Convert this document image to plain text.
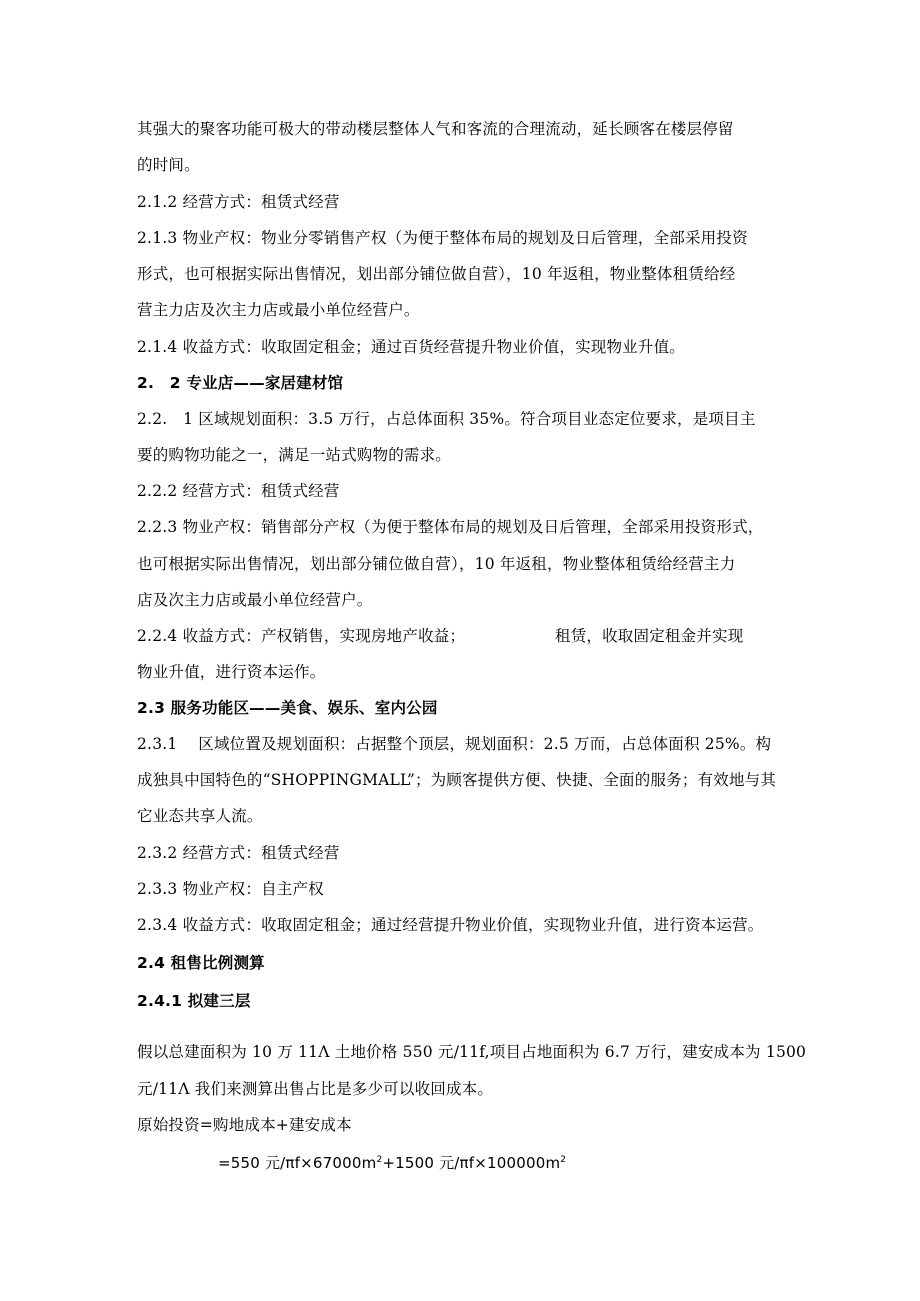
其强大的聚客功能可极大的带动楼层整体人气和客流的合理流动，延长顾客在楼层停留
的时间。
2.1.2 经营方式：租赁式经营
2.1.3 物业产权：物业分零销售产权（为便于整体布局的规划及日后管理，全部采用投资
形式，也可根据实际出售情况，划出部分铺位做自营），10 年返租，物业整体租赁给经
营主力店及次主力店或最小单位经营户。
2.1.4 收益方式：收取固定租金；通过百货经营提升物业价值，实现物业升值。
2.　2 专业店——家居建材馆
2.2.　1 区域规划面积：3.5 万行，占总体面积 35%。符合项目业态定位要求，是项目主
要的购物功能之一，满足一站式购物的需求。
2.2.2 经营方式：租赁式经营
2.2.3 物业产权：销售部分产权（为便于整体布局的规划及日后管理，全部采用投资形式，
也可根据实际出售情况，划出部分铺位做自营），10 年返租，物业整体租赁给经营主力
店及次主力店或最小单位经营户。
2.2.4 收益方式：产权销售，实现房地产收益；	租赁，收取固定租金并实现
物业升值，进行资本运作。
2.3 服务功能区——美食、娱乐、室内公园
2.3.1　 区域位置及规划面积：占据整个顶层，规划面积：2.5 万而，占总体面积 25%。构
成独具中国特色的“SHOPPINGMALL”；为顾客提供方便、快捷、全面的服务；有效地与其
它业态共享人流。
2.3.2 经营方式：租赁式经营
2.3.3 物业产权：自主产权
2.3.4 收益方式：收取固定租金；通过经营提升物业价值，实现物业升值，进行资本运营。
2.4 租售比例测算
2.4.1 拟建三层
假以总建面积为 10 万 11Λ 土地价格 550 元/11f,项目占地面积为 6.7 万行，建安成本为 1500
元/11Λ 我们来测算出售占比是多少可以收回成本。
原始投资=购地成本+建安成本
=550 元$/\pi f\times 67000m^2+1500$ 元$/\pi f\times 100000m^2$
